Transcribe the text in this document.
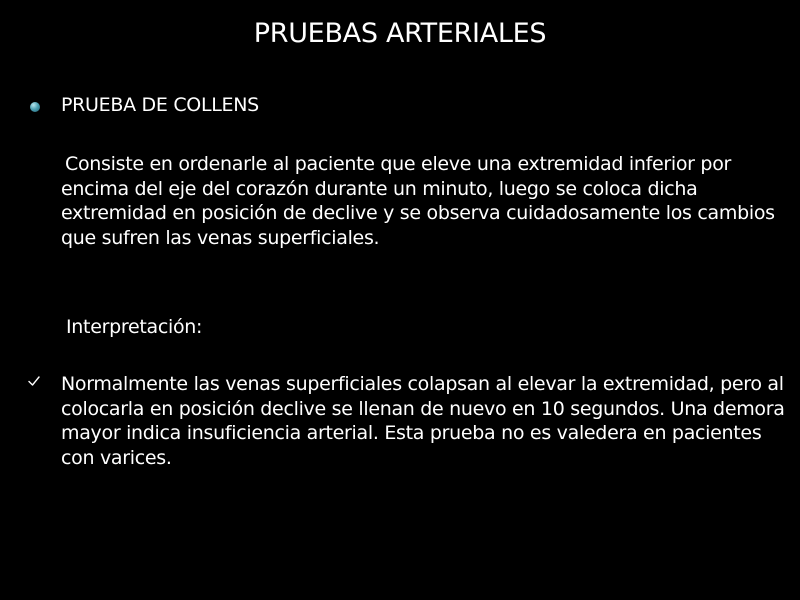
PRUEBAS ARTERIALES
PRUEBA DE COLLENS

Consiste en ordenarle al paciente que eleve una extremidad inferior por encima del eje del corazón durante un minuto, luego se coloca dicha extremidad en posición de declive y se observa cuidadosamente los cambios que sufren las venas superficiales.

Interpretación:

Normalmente las venas superficiales colapsan al elevar la extremidad, pero al colocarla en posición declive se llenan de nuevo en 10 segundos. Una demora mayor indica insuficiencia arterial. Esta prueba no es valedera en pacientes con varices.
